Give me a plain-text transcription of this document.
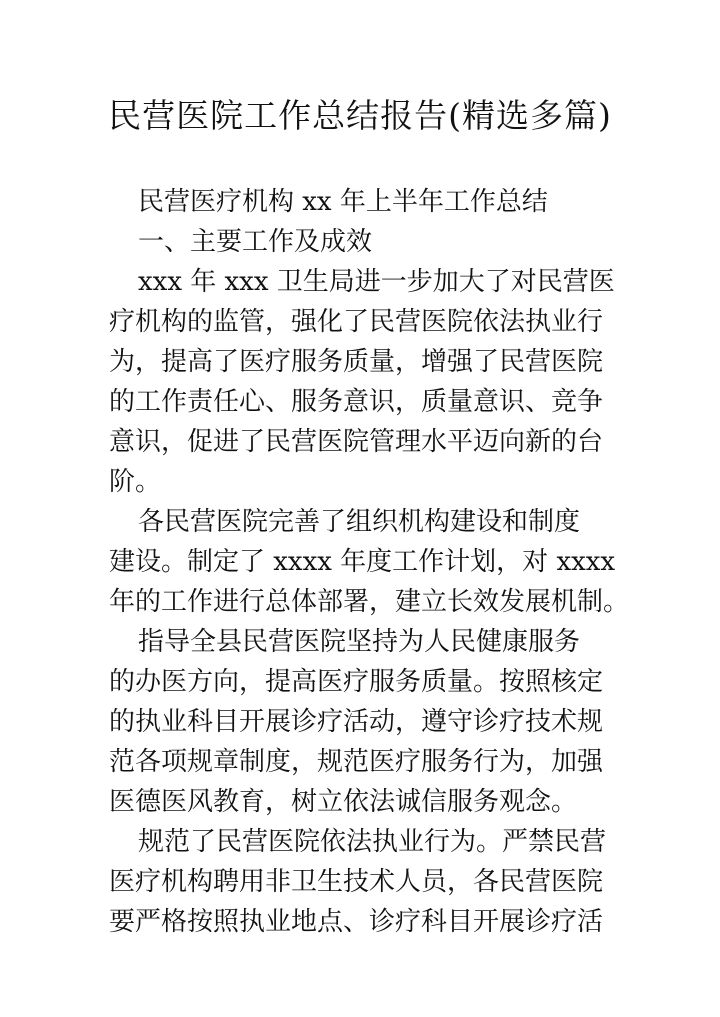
民营医院工作总结报告(精选多篇)
民营医疗机构 xx 年上半年工作总结
一、主要工作及成效
xxx 年 xxx 卫生局进一步加大了对民营医
疗机构的监管，强化了民营医院依法执业行
为，提高了医疗服务质量，增强了民营医院
的工作责任心、服务意识，质量意识、竞争
意识，促进了民营医院管理水平迈向新的台
阶。
各民营医院完善了组织机构建设和制度
建设。制定了 xxxx 年度工作计划，对 xxxx
年的工作进行总体部署，建立长效发展机制。
指导全县民营医院坚持为人民健康服务
的办医方向，提高医疗服务质量。按照核定
的执业科目开展诊疗活动，遵守诊疗技术规
范各项规章制度，规范医疗服务行为，加强
医德医风教育，树立依法诚信服务观念。
规范了民营医院依法执业行为。严禁民营
医疗机构聘用非卫生技术人员，各民营医院
要严格按照执业地点、诊疗科目开展诊疗活
